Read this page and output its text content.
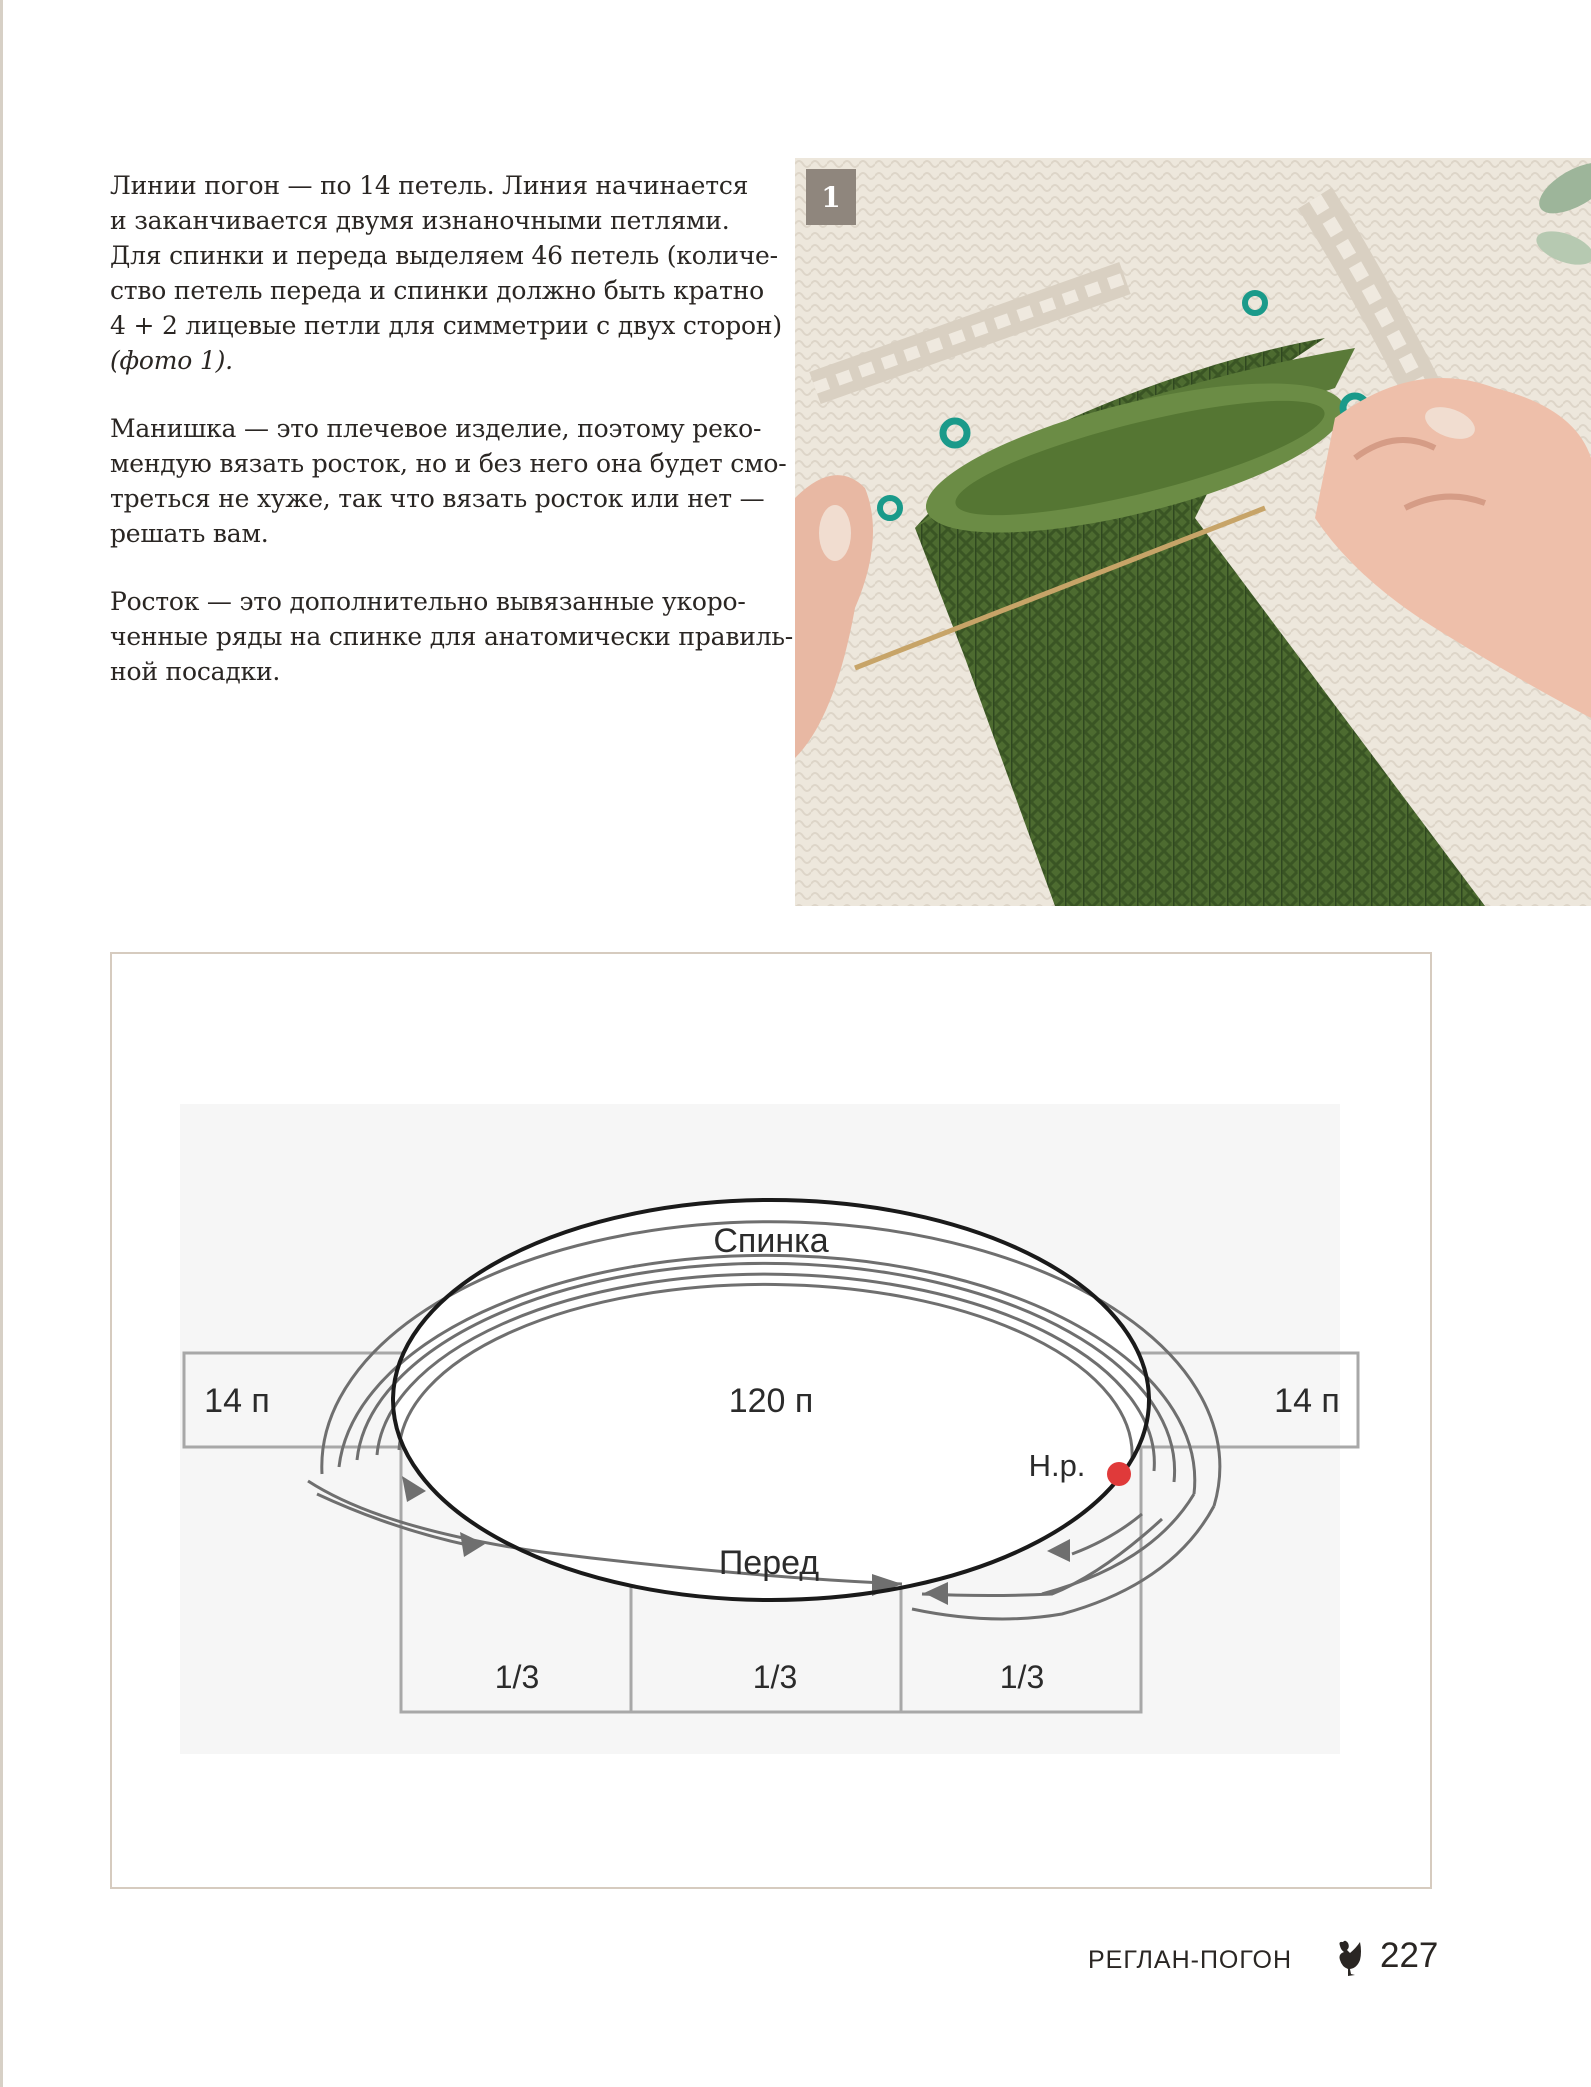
Линии погон — по 14 петель. Линия начинается
и заканчивается двумя изнаночными петлями.
Для спинки и переда выделяем 46 петель (количе-
ство петель переда и спинки должно быть кратно
4 + 2 лицевые петли для симметрии с двух сторон)
(фото 1).

Манишка — это плечевое изделие, поэтому реко-
мендую вязать росток, но и без него она будет смо-
треться не хуже, так что вязать росток или нет —
решать вам.

Росток — это дополнительно вывязанные укоро-
ченные ряды на спинке для анатомически правиль-
ной посадки.

1
Спинка
120 п
14 п	14 п
Н.р.
Перед
1/3	1/3	1/3
РЕГЛАН-ПОГОН	227
